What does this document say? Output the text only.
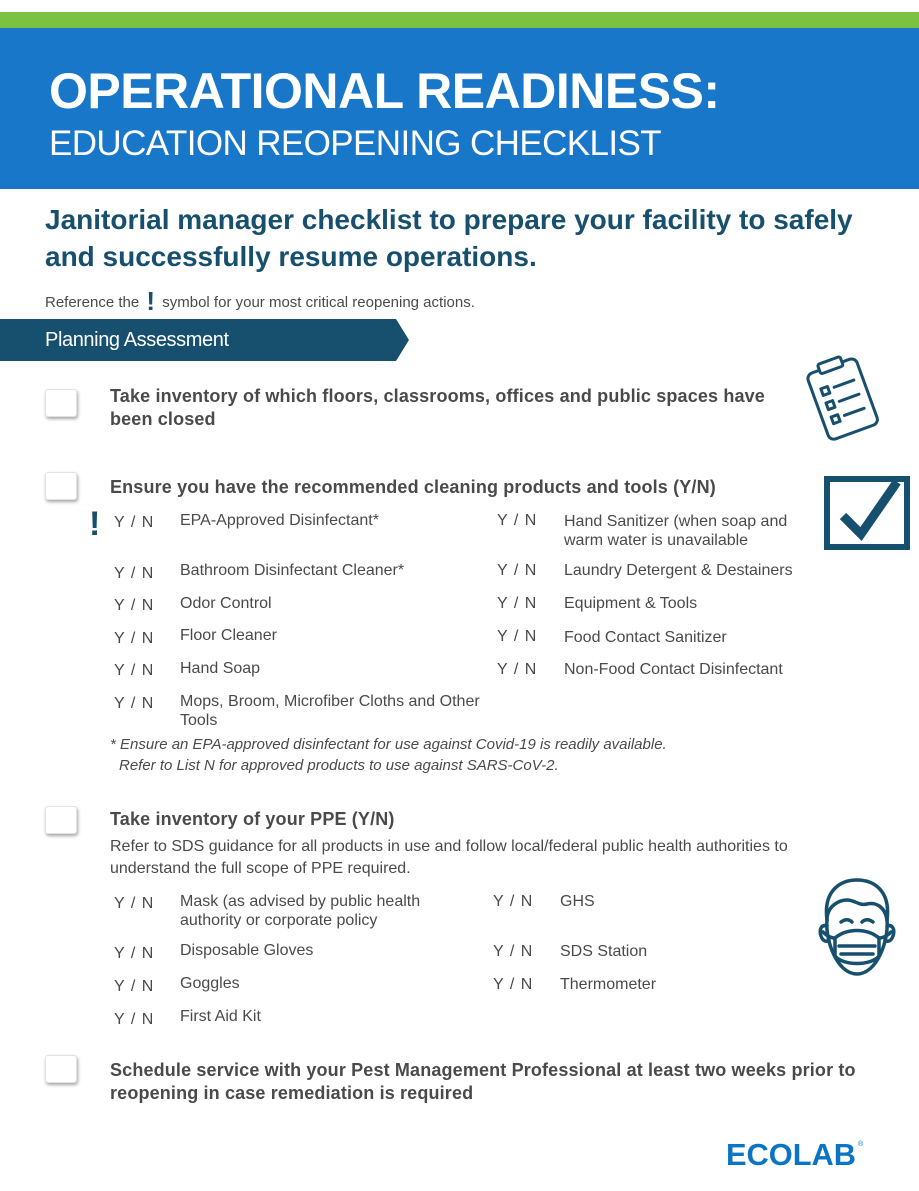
OPERATIONAL READINESS:
EDUCATION REOPENING CHECKLIST
Janitorial manager checklist to prepare your facility to safely and successfully resume operations.
Reference the ! symbol for your most critical reopening actions.
Planning Assessment
Take inventory of which floors, classrooms, offices and public spaces have been closed
Ensure you have the recommended cleaning products and tools (Y/N)
! Y / N EPA-Approved Disinfectant*
Y / N Bathroom Disinfectant Cleaner*
Y / N Odor Control
Y / N Floor Cleaner
Y / N Hand Soap
Y / N Mops, Broom, Microfiber Cloths and Other Tools
Y / N Hand Sanitizer (when soap and warm water is unavailable
Y / N Laundry Detergent & Destainers
Y / N Equipment & Tools
Y / N Food Contact Sanitizer
Y / N Non-Food Contact Disinfectant
* Ensure an EPA-approved disinfectant for use against Covid-19 is readily available.
Refer to List N for approved products to use against SARS-CoV-2.
Take inventory of your PPE (Y/N)
Refer to SDS guidance for all products in use and follow local/federal public health authorities to understand the full scope of PPE required.
Y / N Mask (as advised by public health authority or corporate policy
Y / N Disposable Gloves
Y / N Goggles
Y / N First Aid Kit
Y / N GHS
Y / N SDS Station
Y / N Thermometer
Schedule service with your Pest Management Professional at least two weeks prior to reopening in case remediation is required
ECOLAB ®
